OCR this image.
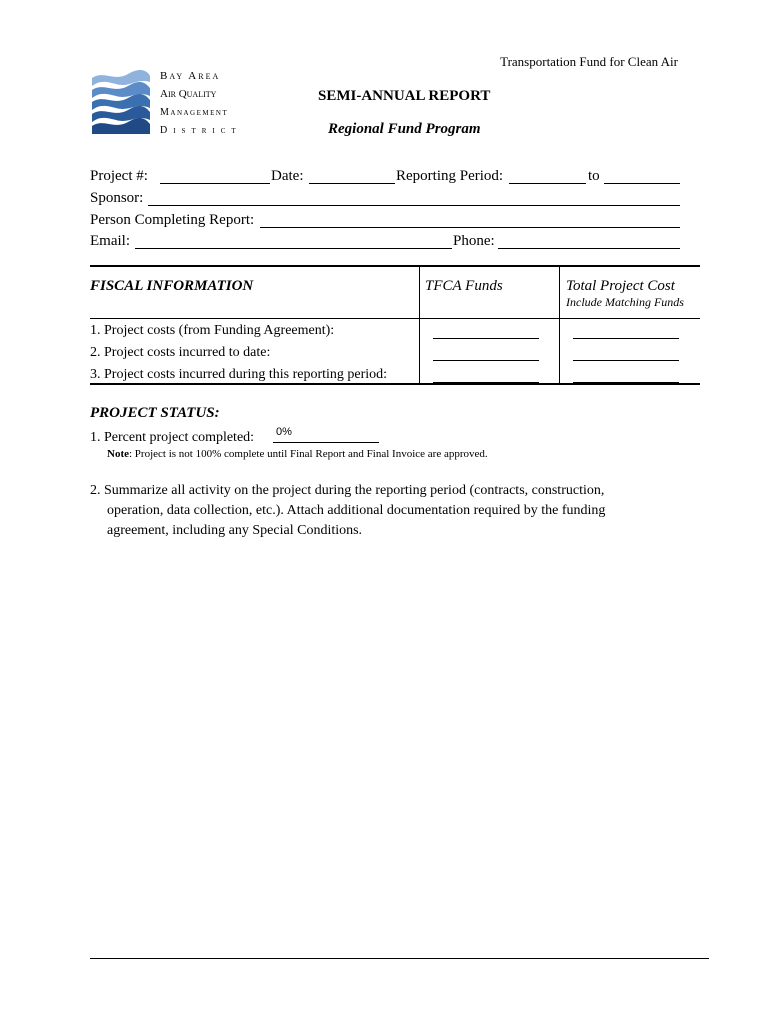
Transportation Fund for Clean Air
Bay Area
Air Quality
Management
District
SEMI-ANNUAL REPORT
Regional Fund Program
Project #:	Date:	Reporting Period:	to
Sponsor:
Person Completing Report:
Email:	Phone:
FISCAL INFORMATION	TFCA Funds	Total Project Cost
Include Matching Funds
1. Project costs (from Funding Agreement):
2. Project costs incurred to date:
3. Project costs incurred during this reporting period:
PROJECT STATUS:
1. Percent project completed: 0%
Note: Project is not 100% complete until Final Report and Final Invoice are approved.
2. Summarize all activity on the project during the reporting period (contracts, construction,
operation, data collection, etc.). Attach additional documentation required by the funding
agreement, including any Special Conditions.
